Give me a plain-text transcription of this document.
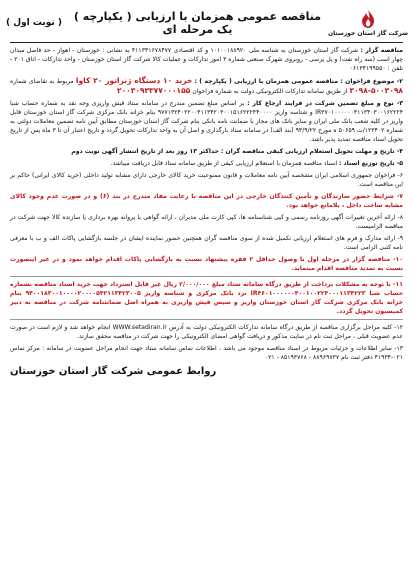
شرکت گاز استان خوزستان
مناقصه عمومی همزمان با ارزیابی ( یکپارچه ) یک مرحله ای
( نوبت اول )

مناقصه گزار : شرکت گاز استان خوزستان به شناسه ملی ۱۰۱۰۰۱۸۸۹۲۰ و کد اقتصادی ۴۱۱۳۴۱۶۷۸۴۷۷ به نشانی : خوزستان - اهواز - حد فاصل میدان چهار اسب (سه راه نفت) و پل پرسی - روبروی شهرک صنعتی شماره ۳ امور تدارکات و عملیات کالا شرکت گاز استان خوزستان - واحد تدارکات - اتاق ۲۰۱ - تلفن : ۰۶۱۳۴۱۹۹۵۵۰

۲- موضوع فراخوان : مناقصه عمومی همزمان با ارزیابی ( یکپارچه ) : خرید ۱۰ دستگاه ژنراتور ۲۰ کاوا مربوط به تقاضای شماره ۵۰۰۳۰۹۸-۳۰۹۸ از طریق سامانه تدارکات الکترونیکی دولت به شماره فراخوان ۲۰۰۳۰۹۳۳۷۷۰۰۰۱۵۵

۳- نوع و مبلغ تضمین شرکت در فرایند ارجاع کار : بر اساس مبلغ تضمین مندرج در سامانه ستاد فیش واریزی وجه نقد به شماره حساب شبا IR۳۷۰۱۰۰۰۰۰۰۴۱۱۳۴۰۳۰۰۱۶۲۲۲۴ و شناسه واریز ۹۷۷۱۳۲۴۰۲۲۰۰۴۱۱۳۴۲۰۳۰۰۱۵۱۶۲۲۲۴۴۰۰۰۰ بنام خزانه بانک مرکزی شرکت گاز استان خوزستان قابل واریز در کلیه شعب بانک ملی ایران و سایر بانک های مجاز یا ضمانت نامه بانکی بنام شرکت گاز استان خوزستان مطابق آیین نامه تضمین معاملات دولتی به شماره ۱۲۳۴۰۲/ت ۵۰۶۵۹ ه مورخ ۹۴/۹/۲۲ (بند الف) در سامانه ستاد بارگذاری و اصل آن به واحد تدارکات تحویل گردد و تاریخ اعتبار آن تا ۳ ماه پس از تاریخ تحویل اسناد مناقصه تمدید پذیر باشد.

۴- تاریخ و مهلت تحویل استعلام ارزیابی کیفی مناقصه گران : حداکثر ۱۳ روز بعد از تاریخ انتشار آگهی نوبت دوم

۵- تاریخ توزیع اسناد : اسناد مناقصه همزمان با استعلام ارزیابی کیفی از طریق سامانه ستاد قابل دریافت میباشد.

۶- فراخوان جمهوری اسلامی ایران مشخصه آیین نامه معاملات و قانون ممنوعیت خرید کالای خارجی دارای مشابه تولید داخلی (خرید کالای ایرانی) حاکم بر این مناقصه است.

۷- شرایط حضور سازندگان و تأمین کنندگان خارجی در این مناقصه با رعایت مفاد مندرج در بند (۶) و در صورت عدم وجود کالای مشابه ساخت داخل ، بلامانع خواهد بود.

۸- ارائه آخرین تغییرات آگهی روزنامه رسمی و کپی شناسنامه ها، کپی کارت ملی مدیران ، ارائه گواهی یا پروانه بهره برداری یا سازنده کالا جهت شرکت در مناقصه الزامیست.

۹- ارائه مدارک و فرم های استعلام ارزیابی تکمیل شده از سوی مناقصه گران همچنین حضور نماینده ایشان در جلسه بازگشایی پاکات الف و ب با معرفی نامه کتبی الزامی است.

۱۰- مناقصه گزار در مرحله اول با وصول حداقل ۲ فقره پیشنهاد نسبت به بازگشایی پاکات اقدام خواهد نمود و در غیر اینصورت نسبت به تمدید مناقصه اقدام مینماید.

۱۱- با توجه به مشکلات پرداخت از طریق درگاه سامانه ستاد مبلغ ۲/۰۰۰/۰۰۰ ریال غیر قابل استرداد جهت خرید اسناد مناقصه بشماره حساب شبا IR۴۶۰۱۰۰۰۰۰۰۴۰۰۱۰۰۲۲۴۰۰۰۱۱۳۴۲۲۳ نزد بانک مرکزی و شناسه واریز ۹۴۰۰۱۸۳۰۰۱۰۰۰۰۲۰۰۰۰۵۴۲۱۱۳۴۲۳۰۰۵ بنام خزانه بانک مرکزی شرکت گاز استان خوزستان واریز و سپس فیش واریزی به همراه اصل ضمانتنامه شرکت در مناقصه به دبیر کمیسیون تحویل گردد.

۱۲- کلیه مراحل برگزاری مناقصه از طریق درگاه سامانه تدارکات الکترونیکی دولت به آدرس WWW.setadiran.ir انجام خواهد شد و لازم است در صورت عدم عضویت قبلی ، مراحل ثبت نام در سایت مذکور و دریافت گواهی امضای الکترونیکی را جهت شرکت در مناقصه محقق سازند.

۱۳- سایر اطلاعات و جزئیات مربوط در اسناد مناقصه موجود می باشد ، اطلاعات تماس سامانه ستاد جهت انجام مراحل عضویت در سامانه : مرکز تماس ۰۲۱-۴۱۹۳۴ دفتر ثبت نام ۸۸۹۶۹۷۳۷ - ۸۵۱۹۳۷۶۸ - ۰۲۱

روابط عمومی شرکت گاز استان خوزستان
